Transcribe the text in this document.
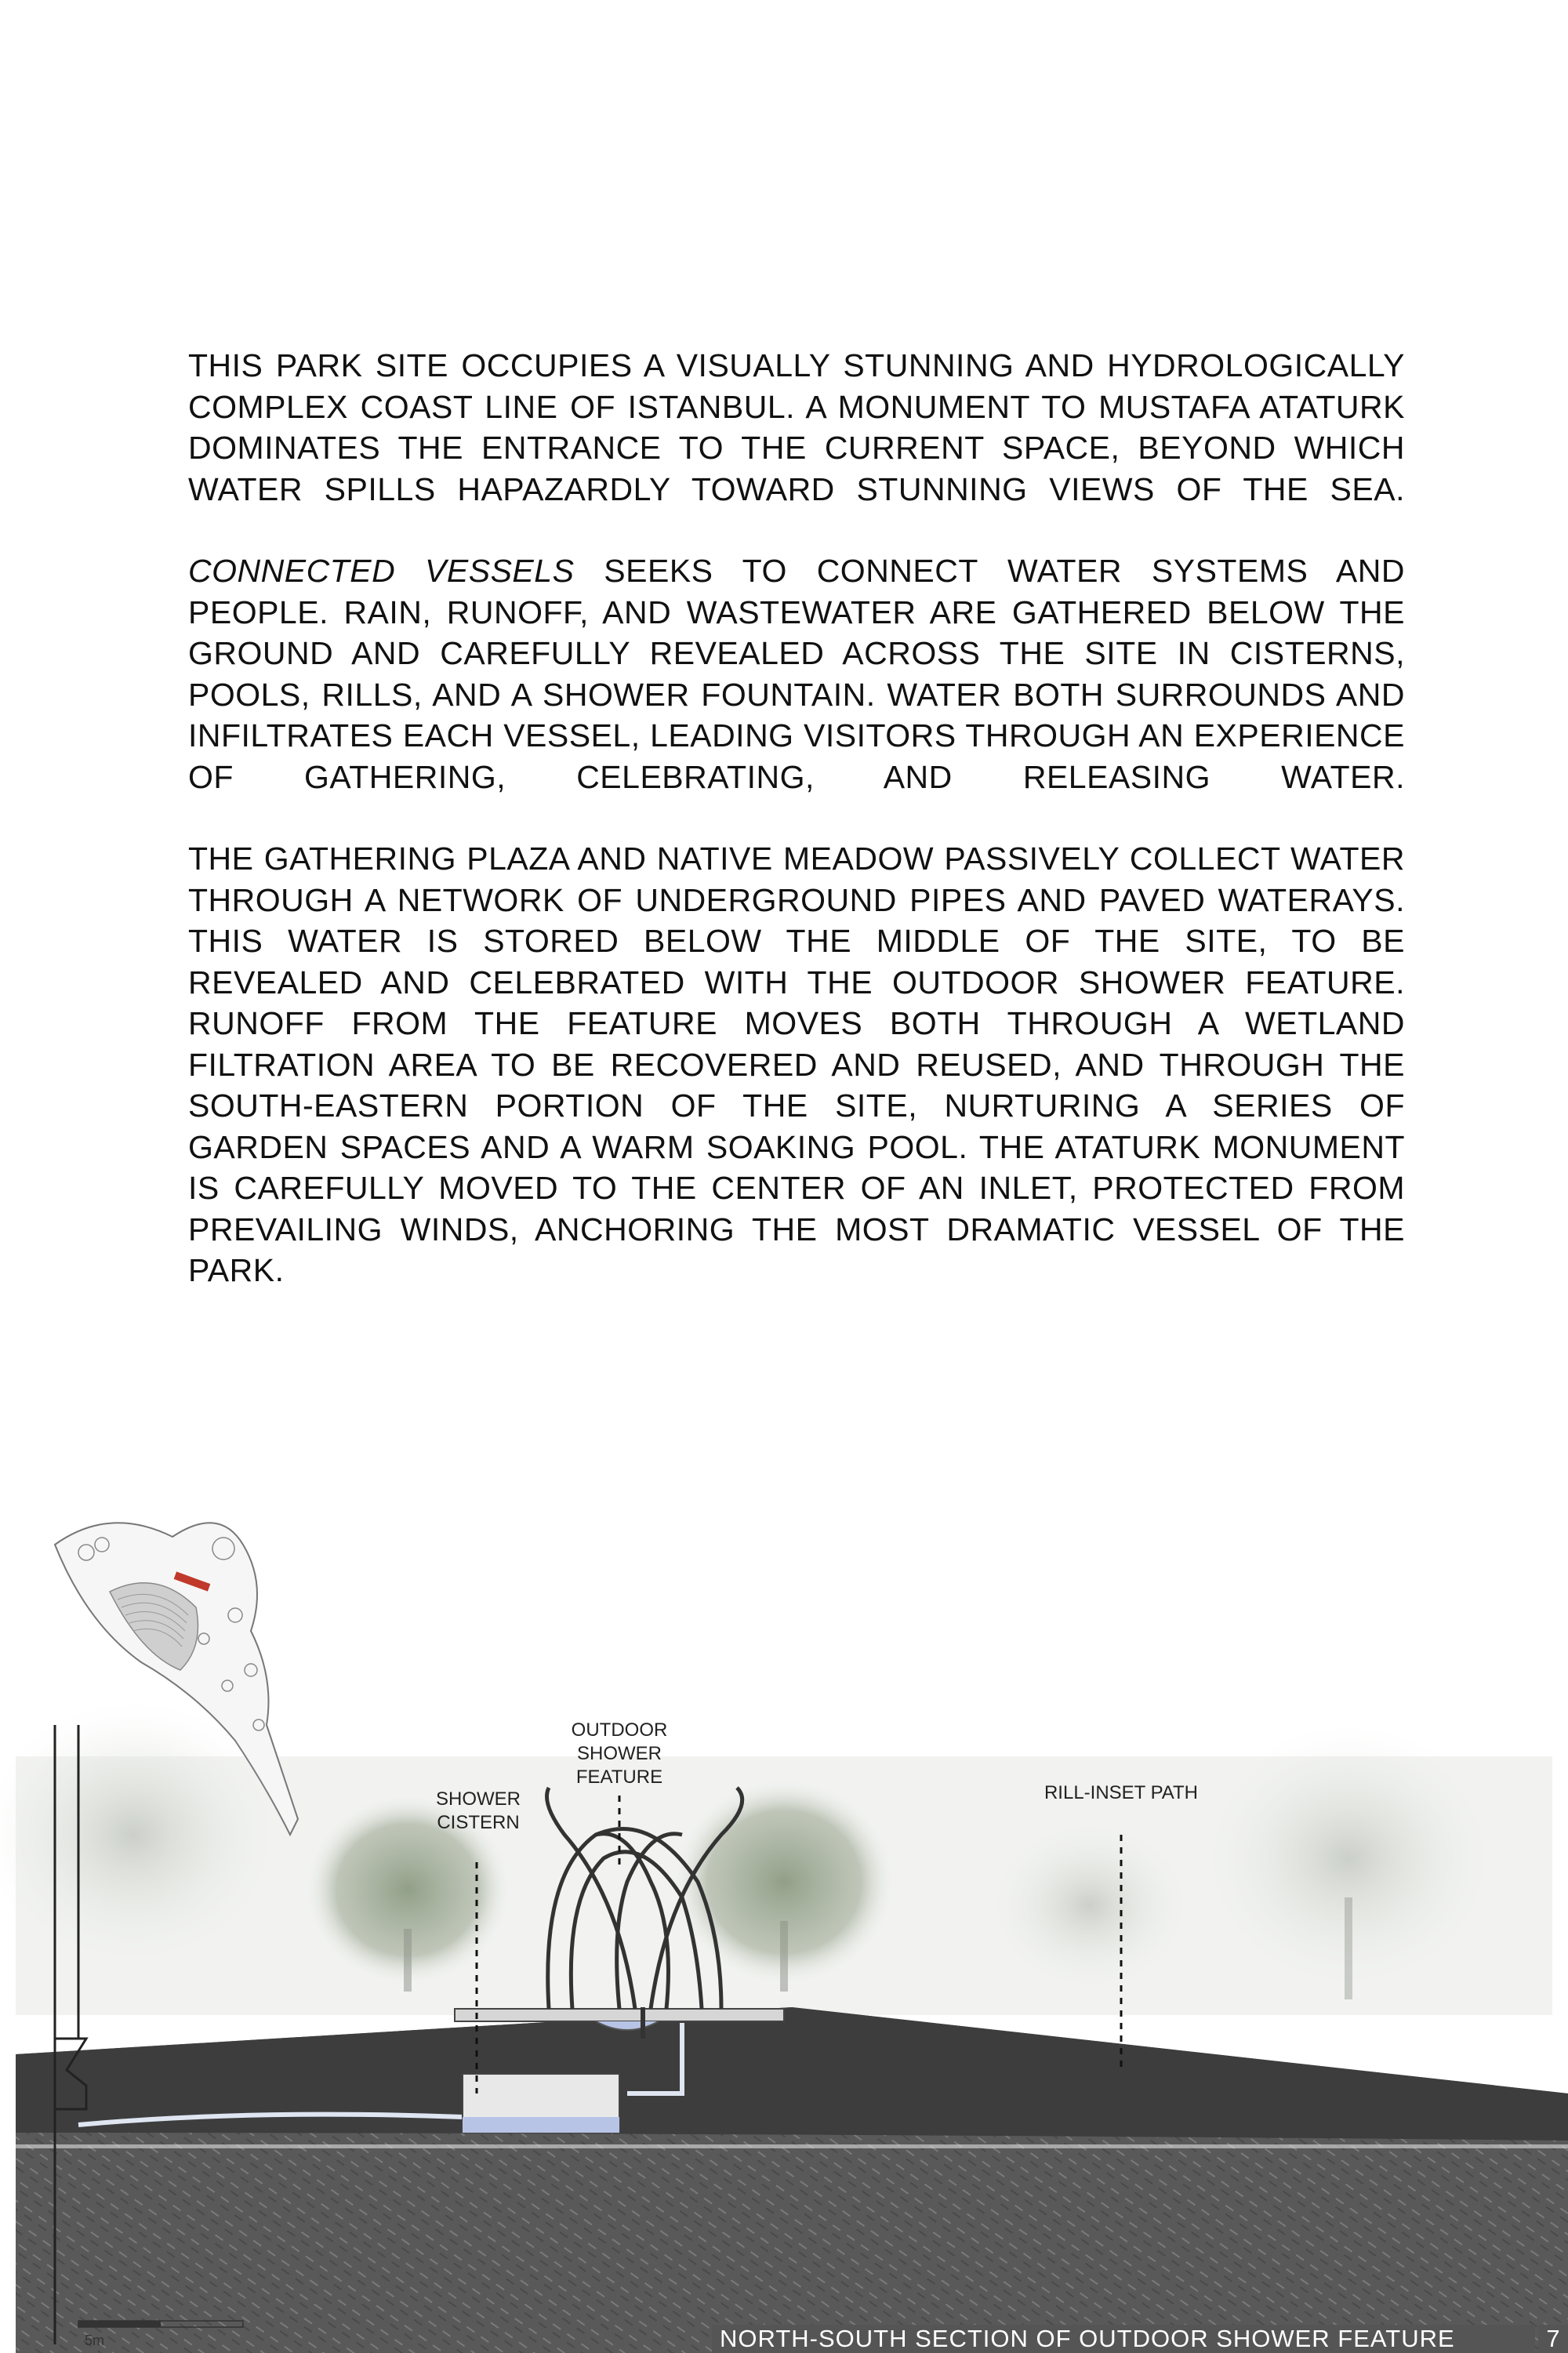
THIS PARK SITE OCCUPIES A VISUALLY STUNNING AND HYDROLOGICALLY COMPLEX COAST LINE OF ISTANBUL. A MONUMENT TO MUSTAFA ATATURK DOMINATES THE ENTRANCE TO THE CURRENT SPACE, BEYOND WHICH WATER SPILLS HAPAZARDLY TOWARD STUNNING VIEWS OF THE SEA.

CONNECTED VESSELS SEEKS TO CONNECT WATER SYSTEMS AND PEOPLE. RAIN, RUNOFF, AND WASTEWATER ARE GATHERED BELOW THE GROUND AND CAREFULLY REVEALED ACROSS THE SITE IN CISTERNS, POOLS, RILLS, AND A SHOWER FOUNTAIN. WATER BOTH SURROUNDS AND INFILTRATES EACH VESSEL, LEADING VISITORS THROUGH AN EXPERIENCE OF GATHERING, CELEBRATING, AND RELEASING WATER.

THE GATHERING PLAZA AND NATIVE MEADOW PASSIVELY COLLECT WATER THROUGH A NETWORK OF UNDERGROUND PIPES AND PAVED WATERAYS. THIS WATER IS STORED BELOW THE MIDDLE OF THE SITE, TO BE REVEALED AND CELEBRATED WITH THE OUTDOOR SHOWER FEATURE. RUNOFF FROM THE FEATURE MOVES BOTH THROUGH A WETLAND FILTRATION AREA TO BE RECOVERED AND REUSED, AND THROUGH THE SOUTH-EASTERN PORTION OF THE SITE, NURTURING A SERIES OF GARDEN SPACES AND A WARM SOAKING POOL. THE ATATURK MONUMENT IS CAREFULLY MOVED TO THE CENTER OF AN INLET, PROTECTED FROM PREVAILING WINDS, ANCHORING THE MOST DRAMATIC VESSEL OF THE PARK.

OUTDOOR
SHOWER
FEATURE
SHOWER
CISTERN
RILL-INSET PATH
5m	NORTH-SOUTH SECTION OF OUTDOOR SHOWER FEATURE	7
